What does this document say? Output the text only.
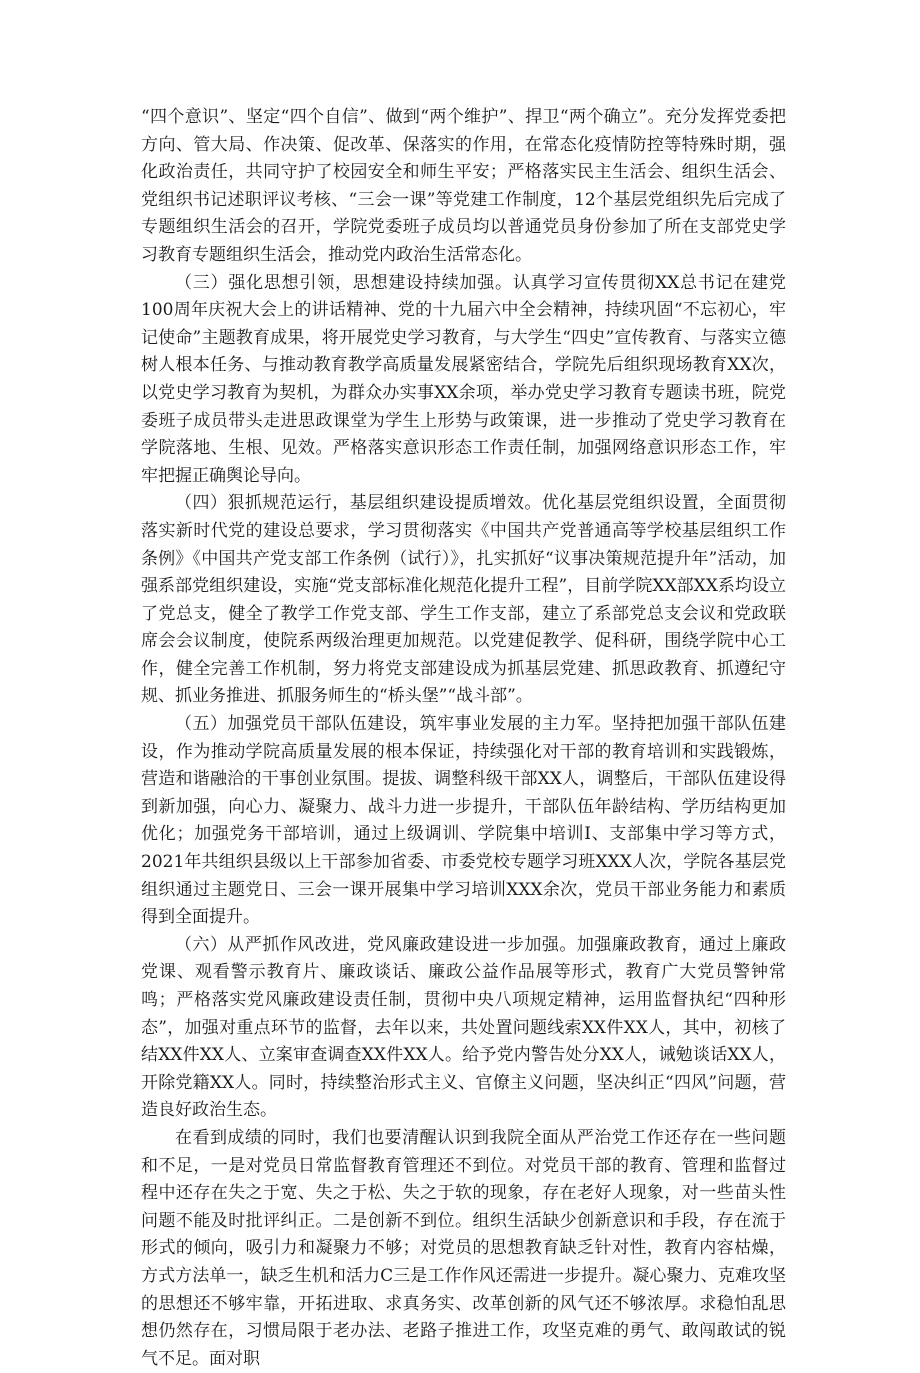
“四个意识”、坚定“四个自信”、做到“两个维护”、捍卫“两个确立”。充分发挥党委把方向、管大局、作决策、促改革、保落实的作用，在常态化疫情防控等特殊时期，强化政治责任，共同守护了校园安全和师生平安；严格落实民主生活会、组织生活会、党组织书记述职评议考核、“三会一课”等党建工作制度，12个基层党组织先后完成了专题组织生活会的召开，学院党委班子成员均以普通党员身份参加了所在支部党史学习教育专题组织生活会，推动党内政治生活常态化。

（三）强化思想引领，思想建设持续加强。认真学习宣传贯彻XX总书记在建党100周年庆祝大会上的讲话精神、党的十九届六中全会精神，持续巩固“不忘初心，牢记使命”主题教育成果，将开展党史学习教育，与大学生“四史”宣传教育、与落实立德树人根本任务、与推动教育教学高质量发展紧密结合，学院先后组织现场教育XX次，以党史学习教育为契机，为群众办实事XX余项，举办党史学习教育专题读书班，院党委班子成员带头走进思政课堂为学生上形势与政策课，进一步推动了党史学习教育在学院落地、生根、见效。严格落实意识形态工作责任制，加强网络意识形态工作，牢牢把握正确舆论导向。

（四）狠抓规范运行，基层组织建设提质增效。优化基层党组织设置，全面贯彻落实新时代党的建设总要求，学习贯彻落实《中国共产党普通高等学校基层组织工作条例》《中国共产党支部工作条例（试行）》，扎实抓好“议事决策规范提升年”活动，加强系部党组织建设，实施“党支部标准化规范化提升工程”，目前学院XX部XX系均设立了党总支，健全了教学工作党支部、学生工作支部，建立了系部党总支会议和党政联席会会议制度，使院系两级治理更加规范。以党建促教学、促科研，围绕学院中心工作，健全完善工作机制，努力将党支部建设成为抓基层党建、抓思政教育、抓遵纪守规、抓业务推进、抓服务师生的“桥头堡”“战斗部”。

（五）加强党员干部队伍建设，筑牢事业发展的主力军。坚持把加强干部队伍建设，作为推动学院高质量发展的根本保证，持续强化对干部的教育培训和实践锻炼，营造和谐融洽的干事创业氛围。提拔、调整科级干部XX人，调整后，干部队伍建设得到新加强，向心力、凝聚力、战斗力进一步提升，干部队伍年龄结构、学历结构更加优化；加强党务干部培训，通过上级调训、学院集中培训I、支部集中学习等方式，2021年共组织县级以上干部参加省委、市委党校专题学习班XXX人次，学院各基层党组织通过主题党日、三会一课开展集中学习培训XXX余次，党员干部业务能力和素质得到全面提升。

（六）从严抓作风改进，党风廉政建设进一步加强。加强廉政教育，通过上廉政党课、观看警示教育片、廉政谈话、廉政公益作品展等形式，教育广大党员警钟常鸣；严格落实党风廉政建设责任制，贯彻中央八项规定精神，运用监督执纪“四种形态”，加强对重点环节的监督，去年以来，共处置问题线索XX件XX人，其中，初核了结XX件XX人、立案审查调查XX件XX人。给予党内警告处分XX人，诫勉谈话XX人，开除党籍XX人。同时，持续整治形式主义、官僚主义问题，坚决纠正“四风”问题，营造良好政治生态。

在看到成绩的同时，我们也要清醒认识到我院全面从严治党工作还存在一些问题和不足，一是对党员日常监督教育管理还不到位。对党员干部的教育、管理和监督过程中还存在失之于宽、失之于松、失之于软的现象，存在老好人现象，对一些苗头性问题不能及时批评纠正。二是创新不到位。组织生活缺少创新意识和手段，存在流于形式的倾向，吸引力和凝聚力不够；对党员的思想教育缺乏针对性，教育内容枯燥，方式方法单一，缺乏生机和活力C三是工作作风还需进一步提升。凝心聚力、克难攻坚的思想还不够牢靠，开拓进取、求真务实、改革创新的风气还不够浓厚。求稳怕乱思想仍然存在，习惯局限于老办法、老路子推进工作，攻坚克难的勇气、敢闯敢试的锐气不足。面对职
